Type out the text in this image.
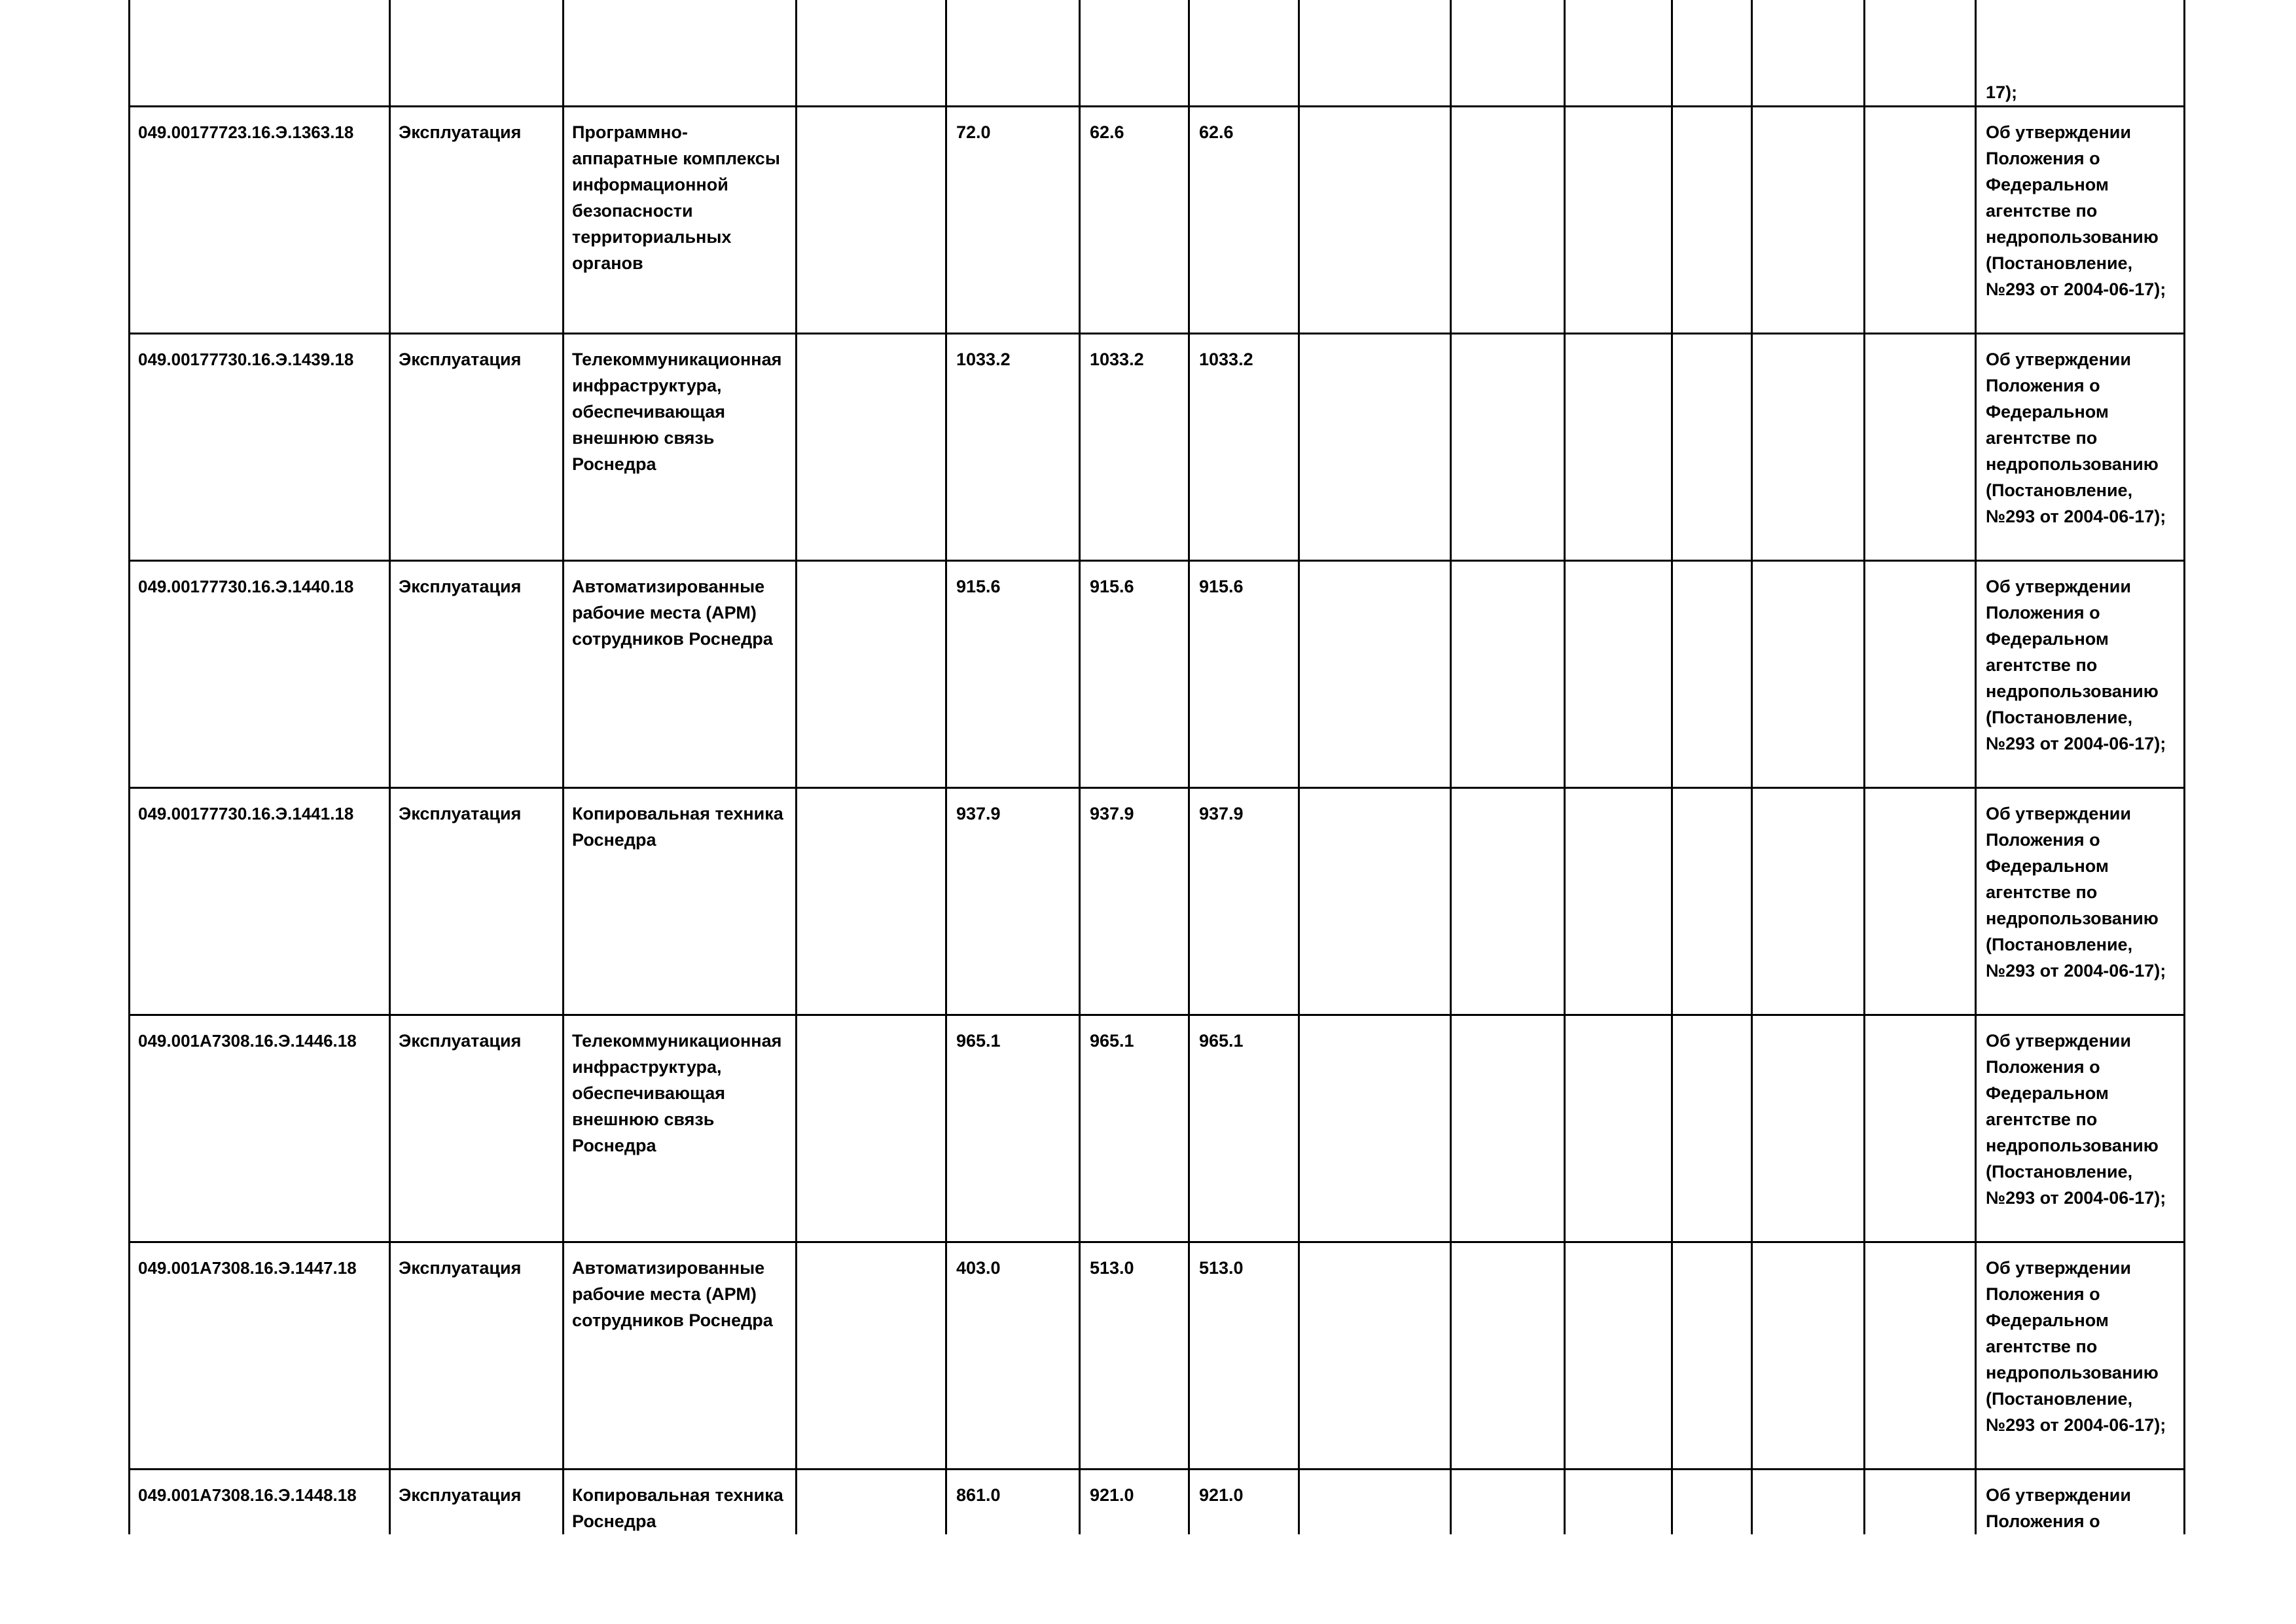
													17);
049.00177723.16.Э.1363.18	Эксплуатация	Программно-аппаратные комплексы информационной безопасности территориальных органов		72.0	62.6	62.6							Об утверждении Положения о Федеральном агентстве по недропользованию (Постановление, №293 от 2004-06-17);
049.00177730.16.Э.1439.18	Эксплуатация	Телекоммуникационная инфраструктура, обеспечивающая внешнюю связь Роснедра		1033.2	1033.2	1033.2							Об утверждении Положения о Федеральном агентстве по недропользованию (Постановление, №293 от 2004-06-17);
049.00177730.16.Э.1440.18	Эксплуатация	Автоматизированные рабочие места (АРМ) сотрудников Роснедра		915.6	915.6	915.6							Об утверждении Положения о Федеральном агентстве по недропользованию (Постановление, №293 от 2004-06-17);
049.00177730.16.Э.1441.18	Эксплуатация	Копировальная техника Роснедра		937.9	937.9	937.9							Об утверждении Положения о Федеральном агентстве по недропользованию (Постановление, №293 от 2004-06-17);
049.001A7308.16.Э.1446.18	Эксплуатация	Телекоммуникационная инфраструктура, обеспечивающая внешнюю связь Роснедра		965.1	965.1	965.1							Об утверждении Положения о Федеральном агентстве по недропользованию (Постановление, №293 от 2004-06-17);
049.001A7308.16.Э.1447.18	Эксплуатация	Автоматизированные рабочие места (АРМ) сотрудников Роснедра		403.0	513.0	513.0							Об утверждении Положения о Федеральном агентстве по недропользованию (Постановление, №293 от 2004-06-17);
049.001A7308.16.Э.1448.18	Эксплуатация	Копировальная техника Роснедра		861.0	921.0	921.0							Об утверждении Положения о
